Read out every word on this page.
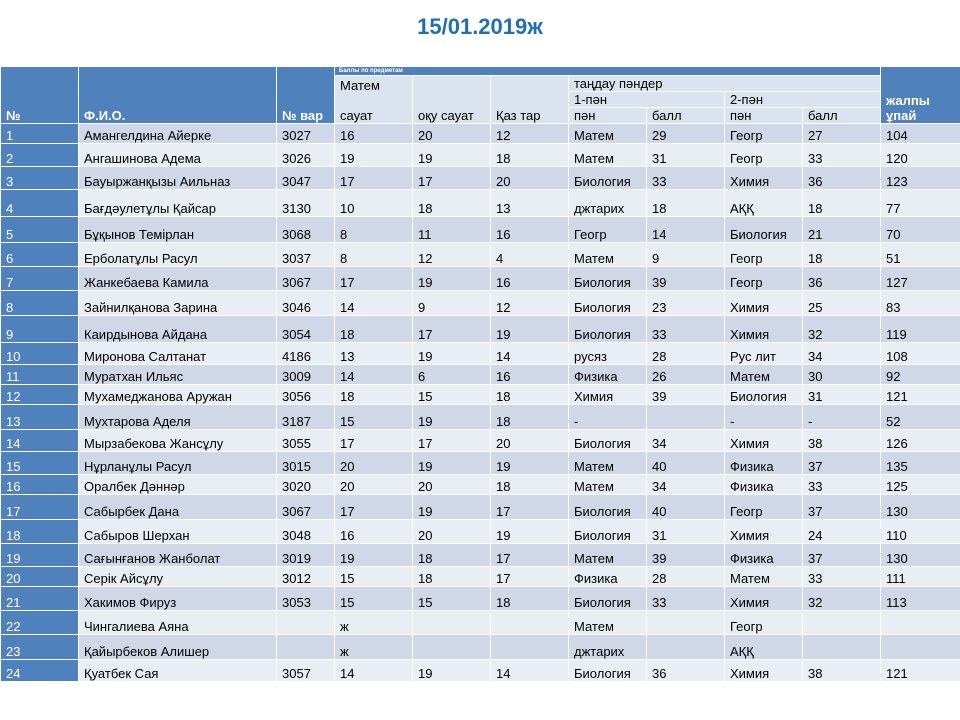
15/01.2019ж
№	Ф.И.О.	№ вар	Баллы по предметам							жалпы
ұпай
			Матем

сауат	оқу сауат	Қаз тар	таңдау пәндер				
						1-пән		2-пән		
						пән	балл	пән	балл	
1	Амангелдина Айерке	3027	16	20	12	Матем	29	Геогр	27	104
2	Ангашинова Адема	3026	19	19	18	Матем	31	Геогр	33	120
3	Бауыржанқызы Аильназ	3047	17	17	20	Биология	33	Химия	36	123
4	Бағдәулетұлы Қайсар	3130	10	18	13	джтарих	18	АҚҚ	18	77
5	Бұқынов Темірлан	3068	8	11	16	Геогр	14	Биология	21	70
6	Ерболатұлы Расул	3037	8	12	4	Матем	9	Геогр	18	51
7	Жанкебаева Камила	3067	17	19	16	Биология	39	Геогр	36	127
8	Зайнилқанова Зарина	3046	14	9	12	Биология	23	Химия	25	83
9	Каирдынова Айдана	3054	18	17	19	Биология	33	Химия	32	119
10	Миронова Салтанат	4186	13	19	14	русяз	28	Рус лит	34	108
11	Муратхан Ильяс	3009	14	6	16	Физика	26	Матем	30	92
12	Мухамеджанова Аружан	3056	18	15	18	Химия	39	Биология	31	121
13	Мухтарова Аделя	3187	15	19	18	-		-	-	52
14	Мырзабекова Жансұлу	3055	17	17	20	Биология	34	Химия	38	126
15	Нұрланұлы Расул	3015	20	19	19	Матем	40	Физика	37	135
16	Оралбек Дәннәр	3020	20	20	18	Матем	34	Физика	33	125
17	Сабырбек Дана	3067	17	19	17	Биология	40	Геогр	37	130
18	Сабыров Шерхан	3048	16	20	19	Биология	31	Химия	24	110
19	Сағынғанов Жанболат	3019	19	18	17	Матем	39	Физика	37	130
20	Серік Айсұлу	3012	15	18	17	Физика	28	Матем	33	111
21	Хакимов Фируз	3053	15	15	18	Биология	33	Химия	32	113
22	Чингалиева Аяна		ж			Матем		Геогр		
23	Қайырбеков Алишер		ж			джтарих		АҚҚ		
24	Қуатбек Сая	3057	14	19	14	Биология	36	Химия	38	121
